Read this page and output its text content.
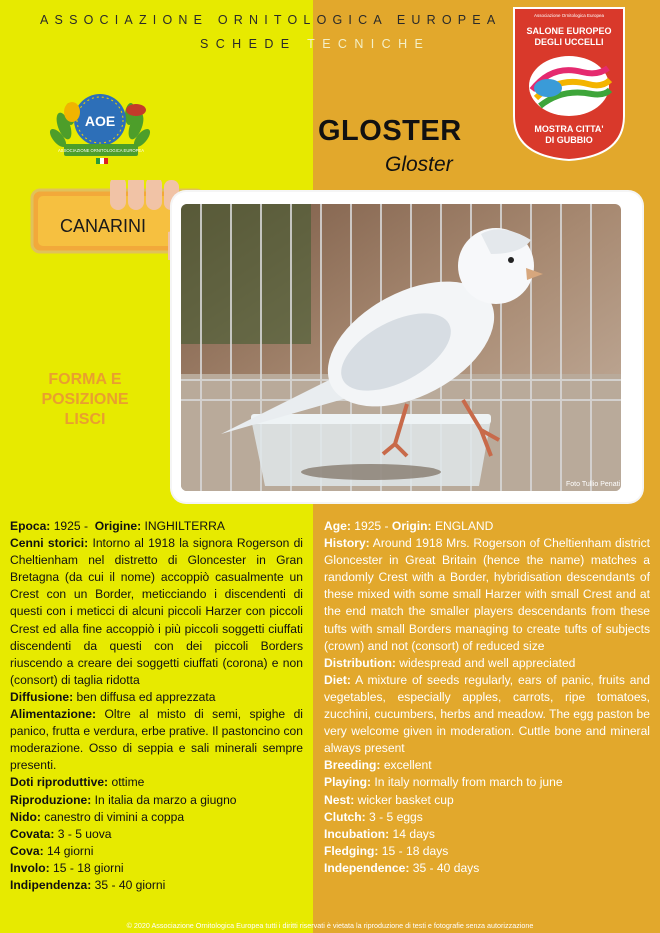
ASSOCIAZIONE ORNITOLOGICA EUROPEA
SCHEDE TECNICHE
AOE
ASSOCIAZIONE ORNITOLOGICA EUROPEA
Associazione Ornitologica Europea
SALONE EUROPEO
DEGLI UCCELLI
MOSTRA CITTA'
DI GUBBIO
GLOSTER
Gloster
CANARINI
FORMA E
POSIZIONE
LISCI
Foto Tullio Penati

Epoca: 1925 - Origine: INGHILTERRA

Cenni storici: Intorno al 1918 la signora Rogerson di Cheltienham nel distretto di Gloncester in Gran Bretagna (da cui il nome) accoppiò casualmente un Crest con un Border, meticciando i discendenti di questi con i meticci di alcuni piccoli Harzer con piccoli Crest ed alla fine accoppiò i più piccoli soggetti ciuffati discendenti da questi con dei piccoli Borders riuscendo a creare dei soggetti ciuffati (corona) e non (consort) di taglia ridotta

Diffusione: ben diffusa ed apprezzata

Alimentazione: Oltre al misto di semi, spighe di panico, frutta e verdura, erbe prative. Il pastoncino con moderazione. Osso di seppia e sali minerali sempre presenti.

Doti riproduttive: ottime

Riproduzione: In italia da marzo a giugno

Nido: canestro di vimini a coppa

Covata: 3 - 5 uova

Cova: 14 giorni

Involo: 15 - 18 giorni

Indipendenza: 35 - 40 giorni

Age: 1925 - Origin: ENGLAND

History: Around 1918 Mrs. Rogerson of Cheltienham district Gloncester in Great Britain (hence the name) matches a randomly Crest with a Border, hybridisation descendants of these mixed with some small Harzer with small Crest and at the end match the smaller players descendants from these tufts with small Borders managing to create tufts of subjects (crown) and not (consort) of reduced size

Distribution: widespread and well appreciated

Diet: A mixture of seeds regularly, ears of panic, fruits and vegetables, especially apples, carrots, ripe tomatoes, zucchini, cucumbers, herbs and meadow. The egg paston be very welcome given in moderation. Cuttle bone and mineral always present

Breeding: excellent

Playing: In italy normally from march to june

Nest: wicker basket cup

Clutch: 3 - 5 eggs

Incubation: 14 days

Fledging: 15 - 18 days

Independence: 35 - 40 days

© 2020 Associazione Ornitologica Europea tutti i diritti riservati è vietata la riproduzione di testi e fotografie senza autorizzazione
